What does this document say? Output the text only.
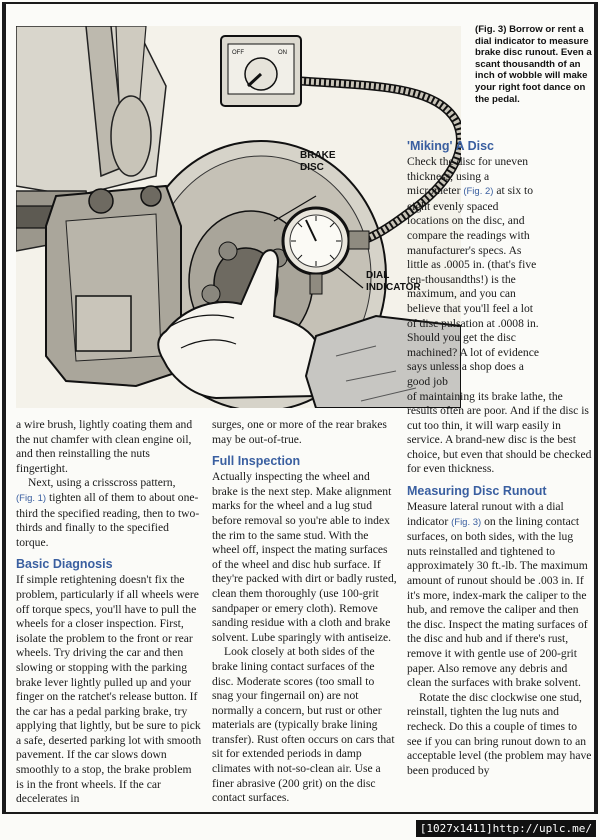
OFF	ON
BRAKE
DISC
DIAL
INDICATOR
(Fig. 3) Borrow or rent a dial indicator to measure brake disc runout. Even a scant thousandth of an inch of wobble will make your right foot dance on the pedal.

a wire brush, lightly coating them and the nut chamfer with clean engine oil, and then reinstalling the nuts fingertight.

Next, using a crisscross pattern,
(Fig. 1) tighten all of them to about one-third the specified reading, then to two-thirds and finally to the specified torque.

Basic Diagnosis

If simple retightening doesn't fix the problem, particularly if all wheels were off torque specs, you'll have to pull the wheels for a closer inspection. First, isolate the problem to the front or rear wheels. Try driving the car and then slowing or stopping with the parking brake lever lightly pulled up and your finger on the ratchet's release button. If the car has a pedal parking brake, try applying that lightly, but be sure to pick a safe, deserted parking lot with smooth pavement. If the car slows down smoothly to a stop, the brake problem is in the front wheels. If the car decelerates in

surges, one or more of the rear brakes may be out-of-true.

Full Inspection

Actually inspecting the wheel and brake is the next step. Make alignment marks for the wheel and a lug stud before removal so you're able to index the rim to the same stud. With the wheel off, inspect the mating surfaces of the wheel and disc hub surface. If they're packed with dirt or badly rusted, clean them thoroughly (use 100-grit sandpaper or emery cloth). Remove sanding residue with a cloth and brake solvent. Lube sparingly with antiseize.

Look closely at both sides of the brake lining contact surfaces of the disc. Moderate scores (too small to snag your fingernail on) are not normally a concern, but rust or other materials are (typically brake lining transfer). Rust often occurs on cars that sit for extended periods in damp climates with not-so-clean air. Use a finer abrasive (200 grit) on the disc contact surfaces.

'Miking' A Disc

Check the disc for uneven thickness, using a micrometer (Fig. 2) at six to eight evenly spaced locations on the disc, and compare the readings with manufacturer's specs. As little as .0005 in. (that's five ten-thousandths!) is the maximum, and you can believe that you'll feel a lot of disc pulsation at .0008 in. Should you get the disc machined? A lot of evidence says unless a shop does a good job

of maintaining its brake lathe, the results often are poor. And if the disc is cut too thin, it will warp easily in service. A brand-new disc is the best choice, but even that should be checked for even thickness.

Measuring Disc Runout

Measure lateral runout with a dial indicator (Fig. 3) on the lining contact surfaces, on both sides, with the lug nuts reinstalled and tightened to approximately 30 ft.-lb. The maximum amount of runout should be .003 in. If it's more, index-mark the caliper to the hub, and remove the caliper and then the disc. Inspect the mating surfaces of the disc and hub and if there's rust, remove it with gentle use of 200-grit paper. Also remove any debris and clean the surfaces with brake solvent.

Rotate the disc clockwise one stud, reinstall, tighten the lug nuts and recheck. Do this a couple of times to see if you can bring runout down to an acceptable level (the problem may have been produced by

[1027x1411]http://uplc.me/
